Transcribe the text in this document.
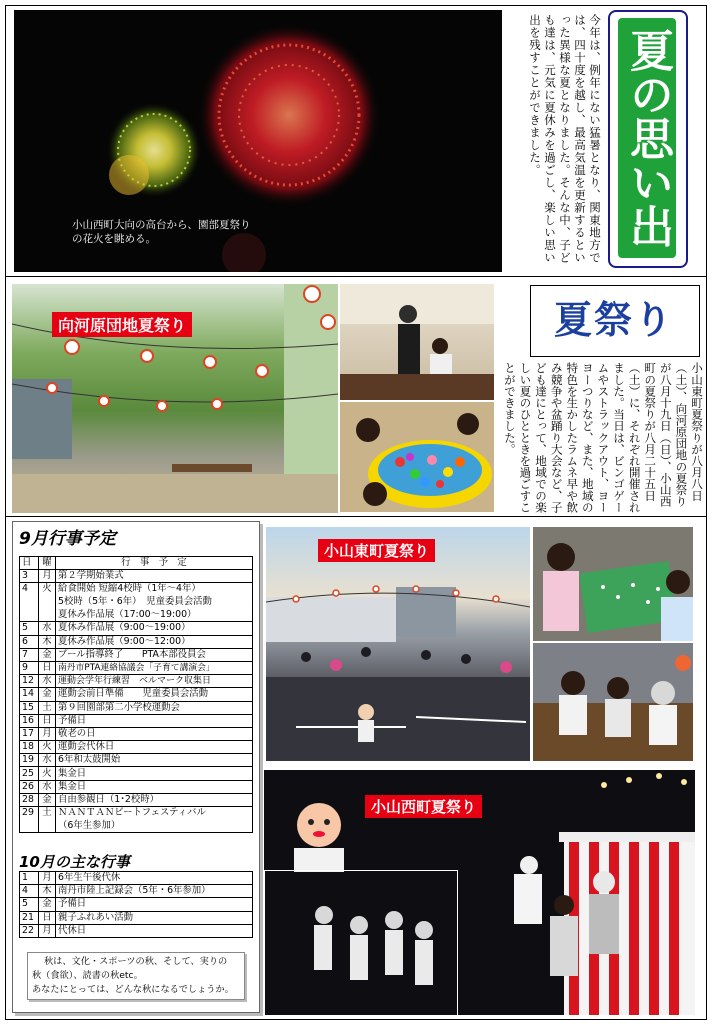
小山西町大向の高台から、園部夏祭り
の花火を眺める。	今年は、例年にない猛暑となり、関東地方では、四十度を越し、最高気温を更新するといった異様な夏となりました。そんな中、子ども達は、元気に夏休みを過ごし、楽しい思い出を残すことができました。	夏の思い出
向河原団地夏祭り	夏祭り
小山東町夏祭りが八月八日（土）、向河原団地の夏祭りが八月十九日（日）、小山西町の夏祭りが八月二十五日（土）に、それぞれ開催されました。当日は、ビンゴゲームやストラックアウト、ヨーヨーつりなど、また、地域の特色を生かしたラムネ早や飲み競争や盆踊り大会など、子ども達にとって、地域での楽しい夏のひとときを過ごすことができました。
9月行事予定
日	曜	行　事　予　定
3	月	第２学期始業式
4	火	給食開始 短縮4校時（1年～4年）
5校時（5年・6年）　児童委員会活動
夏休み作品展（17:00～19:00）

5	水	夏休み作品展（9:00～19:00）
6	木	夏休み作品展（9:00～12:00）
7	金	プール指導終了　　PTA本部役員会
9	日	南丹市PTA連絡協議会「子育て講演会」
12	水	運動会学年行練習　ベルマーク収集日
14	金	運動会前日準備　　児童委員会活動
15	土	第９回園部第二小学校運動会
16	日	予備日
17	月	敬老の日
18	火	運動会代休日
19	水	6年和太鼓開始
25	火	集金日
26	水	集金日
28	金	自由参観日（1･2校時）
29	土	ＮＡＮＴＡＮビートフェスティバル
（6年生参加）
10月の主な行事
1	月	6年生午後代休
4	木	南丹市陸上記録会（5年・6年参加）
5	金	予備日
21	日	親子ふれあい活動
22	月	代休日
秋は、文化・スポーツの秋、そして、実りの
秋（食欲）、読書の秋etc。
あなたにとっては、どんな秋になるでしょうか。
小山東町夏祭り
小山西町夏祭り
